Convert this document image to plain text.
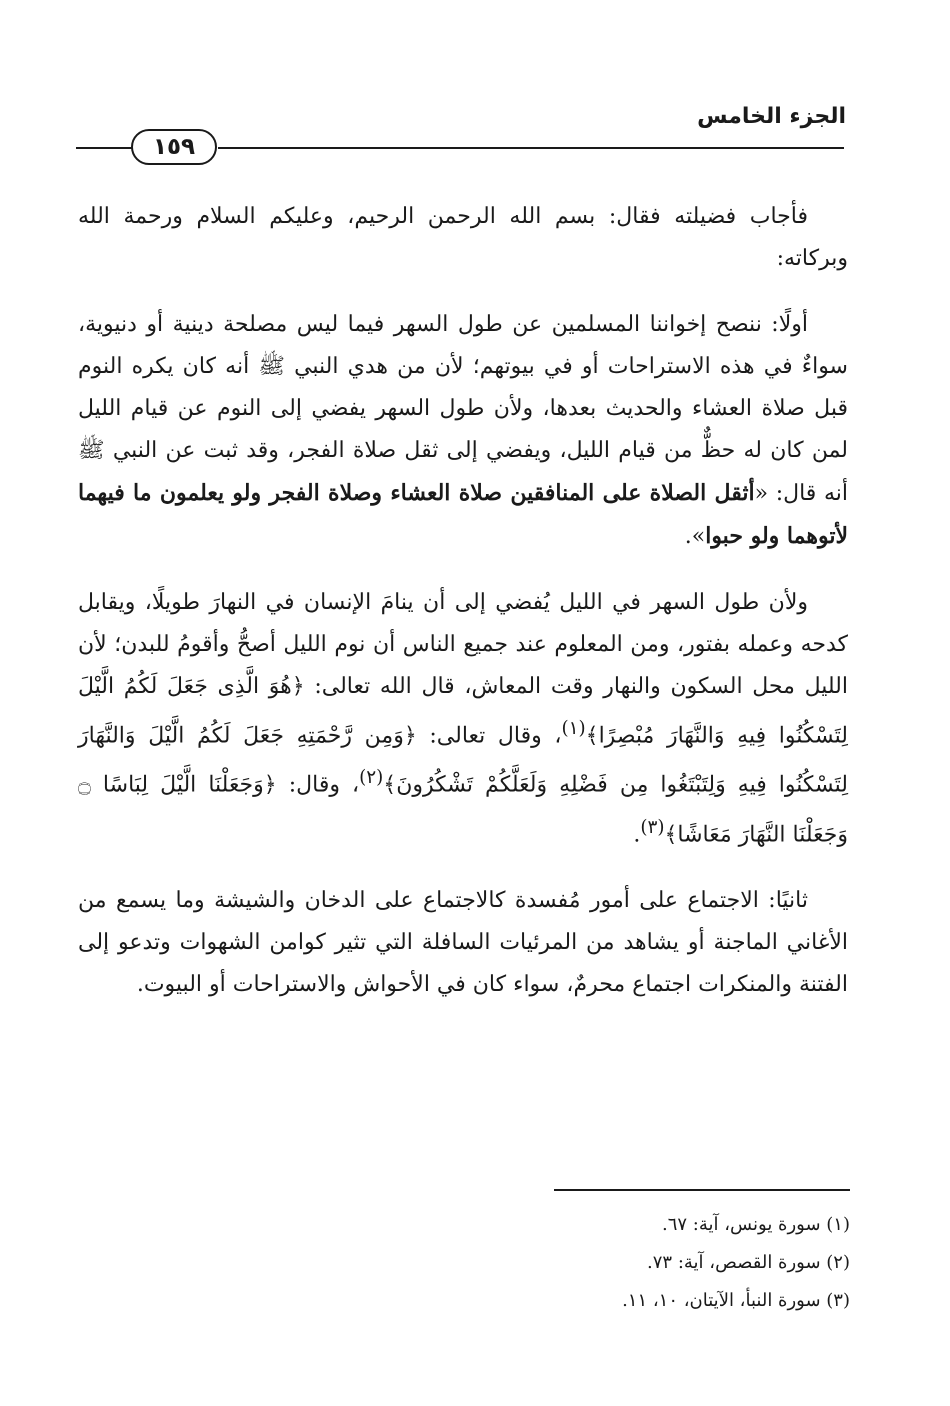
الجزء الخامس
١٥٩

فأجاب فضيلته فقال: بسم الله الرحمن الرحيم، وعليكم السلام ورحمة الله وبركاته:

أولًا: ننصح إخواننا المسلمين عن طول السهر فيما ليس مصلحة دينية أو دنيوية، سواءٌ في هذه الاستراحات أو في بيوتهم؛ لأن من هدي النبي ﷺ أنه كان يكره النوم قبل صلاة العشاء والحديث بعدها، ولأن طول السهر يفضي إلى النوم عن قيام الليل لمن كان له حظٌّ من قيام الليل، ويفضي إلى ثقل صلاة الفجر، وقد ثبت عن النبي ﷺ أنه قال: «أثقل الصلاة على المنافقين صلاة العشاء وصلاة الفجر ولو يعلمون ما فيهما لأتوهما ولو حبوا».

ولأن طول السهر في الليل يُفضي إلى أن ينامَ الإنسان في النهارَ طويلًا، ويقابل كدحه وعمله بفتور، ومن المعلوم عند جميع الناس أن نوم الليل أصحُّ وأقومُ للبدن؛ لأن الليل محل السكون والنهار وقت المعاش، قال الله تعالى: ﴿هُوَ الَّذِى جَعَلَ لَكُمُ الَّيْلَ لِتَسْكُنُوا فِيهِ وَالنَّهَارَ مُبْصِرًا﴾$^{(١)}$، وقال تعالى: ﴿وَمِن رَّحْمَتِهِ جَعَلَ لَكُمُ الَّيْلَ وَالنَّهَارَ لِتَسْكُنُوا فِيهِ وَلِتَبْتَغُوا مِن فَضْلِهِ وَلَعَلَّكُمْ تَشْكُرُونَ﴾$^{(٢)}$، وقال: ﴿وَجَعَلْنَا الَّيْلَ لِبَاسًا ۝ وَجَعَلْنَا النَّهَارَ مَعَاشًا﴾$^{(٣)}$.

ثانيًا: الاجتماع على أمور مُفسدة كالاجتماع على الدخان والشيشة وما يسمع من الأغاني الماجنة أو يشاهد من المرئيات السافلة التي تثير كوامن الشهوات وتدعو إلى الفتنة والمنكرات اجتماع محرمٌ، سواء كان في الأحواش والاستراحات أو البيوت.

(١) سورة يونس، آية: ٦٧.
(٢) سورة القصص، آية: ٧٣.
(٣) سورة النبأ، الآيتان، ١٠، ١١.
